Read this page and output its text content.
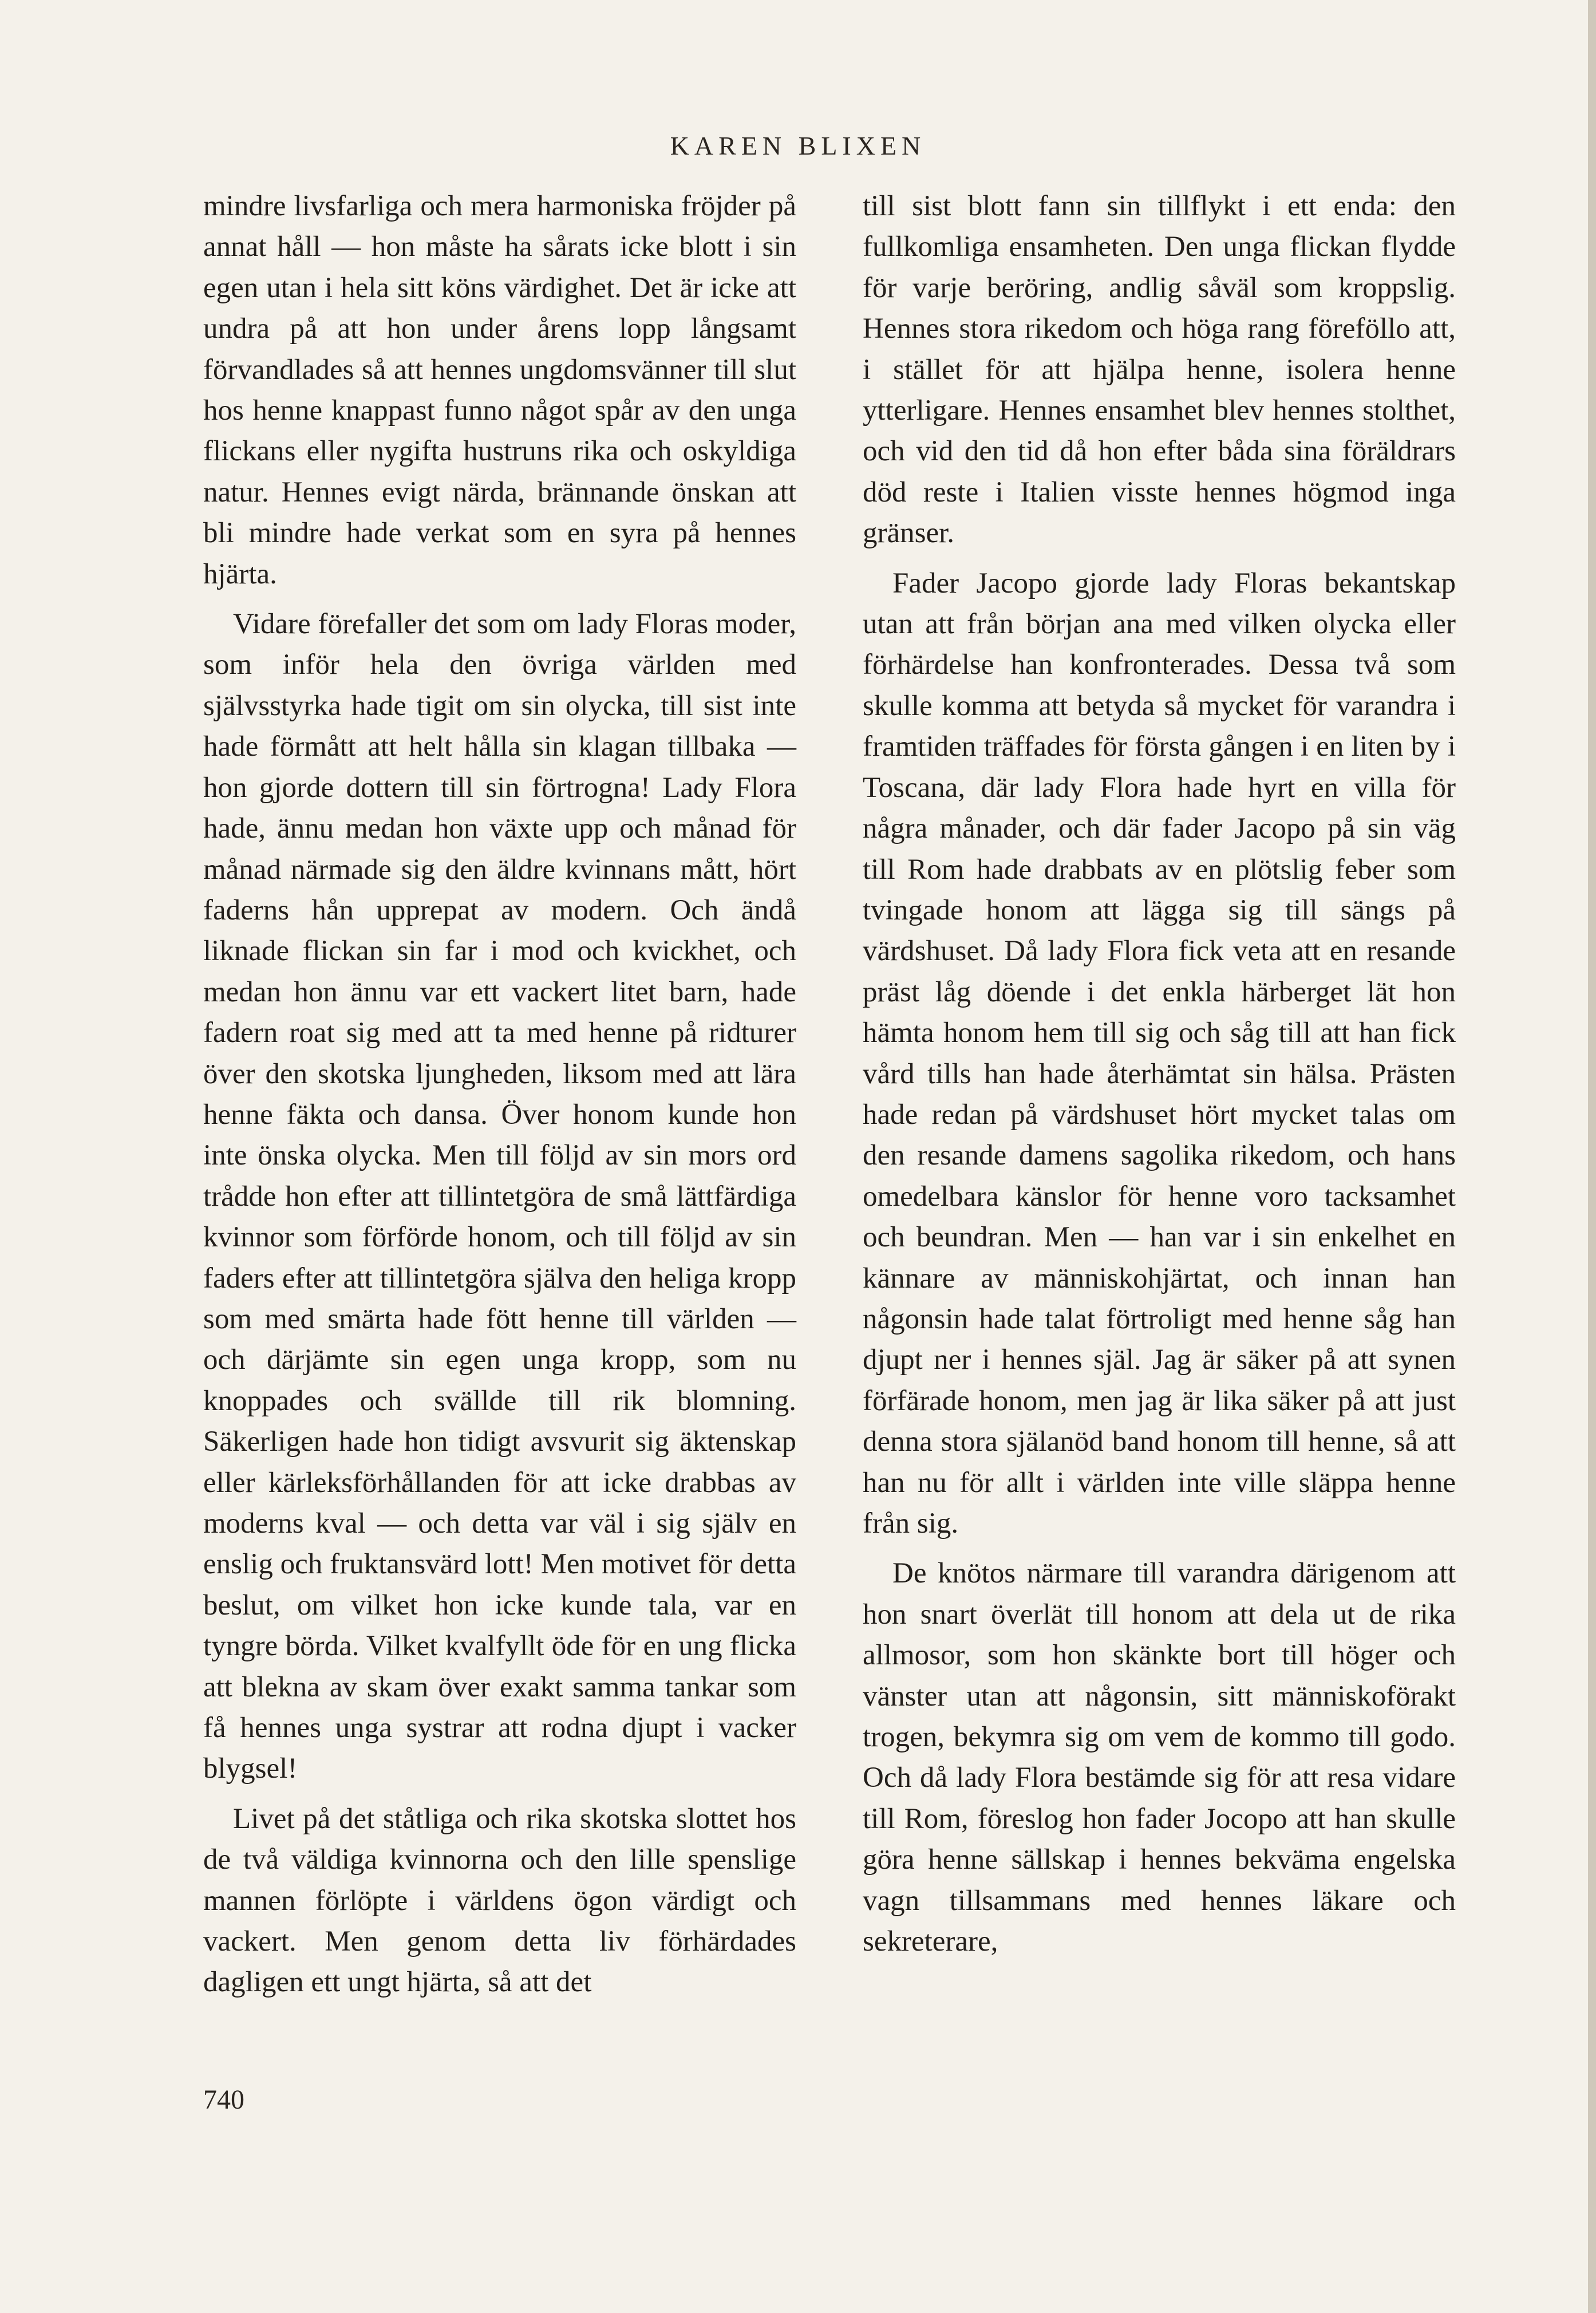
KAREN BLIXEN

mindre livsfarliga och mera harmoniska fröjder på annat håll — hon måste ha sårats icke blott i sin egen utan i hela sitt köns värdighet. Det är icke att undra på att hon under årens lopp långsamt förvandlades så att hennes ungdomsvänner till slut hos henne knappast funno något spår av den unga flickans eller nygifta hustruns rika och oskyldiga natur. Hennes evigt närda, brännande önskan att bli mindre hade verkat som en syra på hennes hjärta.

Vidare förefaller det som om lady Floras moder, som inför hela den övriga världen med självsstyrka hade tigit om sin olycka, till sist inte hade förmått att helt hålla sin klagan tillbaka — hon gjorde dottern till sin förtrogna! Lady Flora hade, ännu medan hon växte upp och månad för månad närmade sig den äldre kvinnans mått, hört faderns hån upprepat av modern. Och ändå liknade flickan sin far i mod och kvickhet, och medan hon ännu var ett vackert litet barn, hade fadern roat sig med att ta med henne på ridturer över den skotska ljungheden, liksom med att lära henne fäkta och dansa. Över honom kunde hon inte önska olycka. Men till följd av sin mors ord trådde hon efter att tillintetgöra de små lättfärdiga kvinnor som förförde honom, och till följd av sin faders efter att tillintetgöra själva den heliga kropp som med smärta hade fött henne till världen — och därjämte sin egen unga kropp, som nu knoppades och svällde till rik blomning. Säkerligen hade hon tidigt avsvurit sig äktenskap eller kärleksförhållanden för att icke drabbas av moderns kval — och detta var väl i sig själv en enslig och fruktansvärd lott! Men motivet för detta beslut, om vilket hon icke kunde tala, var en tyngre börda. Vilket kvalfyllt öde för en ung flicka att blekna av skam över exakt samma tankar som få hennes unga systrar att rodna djupt i vacker blygsel!

Livet på det ståtliga och rika skotska slottet hos de två väldiga kvinnorna och den lille spenslige mannen förlöpte i världens ögon värdigt och vackert. Men genom detta liv förhärdades dagligen ett ungt hjärta, så att det

till sist blott fann sin tillflykt i ett enda: den fullkomliga ensamheten. Den unga flickan flydde för varje beröring, andlig såväl som kroppslig. Hennes stora rikedom och höga rang föreföllo att, i stället för att hjälpa henne, isolera henne ytterligare. Hennes ensamhet blev hennes stolthet, och vid den tid då hon efter båda sina föräldrars död reste i Italien visste hennes högmod inga gränser.

Fader Jacopo gjorde lady Floras bekantskap utan att från början ana med vilken olycka eller förhärdelse han konfronterades. Dessa två som skulle komma att betyda så mycket för varandra i framtiden träffades för första gången i en liten by i Toscana, där lady Flora hade hyrt en villa för några månader, och där fader Jacopo på sin väg till Rom hade drabbats av en plötslig feber som tvingade honom att lägga sig till sängs på värdshuset. Då lady Flora fick veta att en resande präst låg döende i det enkla härberget lät hon hämta honom hem till sig och såg till att han fick vård tills han hade återhämtat sin hälsa. Prästen hade redan på värdshuset hört mycket talas om den resande damens sagolika rikedom, och hans omedelbara känslor för henne voro tacksamhet och beundran. Men — han var i sin enkelhet en kännare av människohjärtat, och innan han någonsin hade talat förtroligt med henne såg han djupt ner i hennes själ. Jag är säker på att synen förfärade honom, men jag är lika säker på att just denna stora själanöd band honom till henne, så att han nu för allt i världen inte ville släppa henne från sig.

De knötos närmare till varandra därigenom att hon snart överlät till honom att dela ut de rika allmosor, som hon skänkte bort till höger och vänster utan att någonsin, sitt människoförakt trogen, bekymra sig om vem de kommo till godo. Och då lady Flora bestämde sig för att resa vidare till Rom, föreslog hon fader Jocopo att han skulle göra henne sällskap i hennes bekväma engelska vagn tillsammans med hennes läkare och sekreterare,

740
